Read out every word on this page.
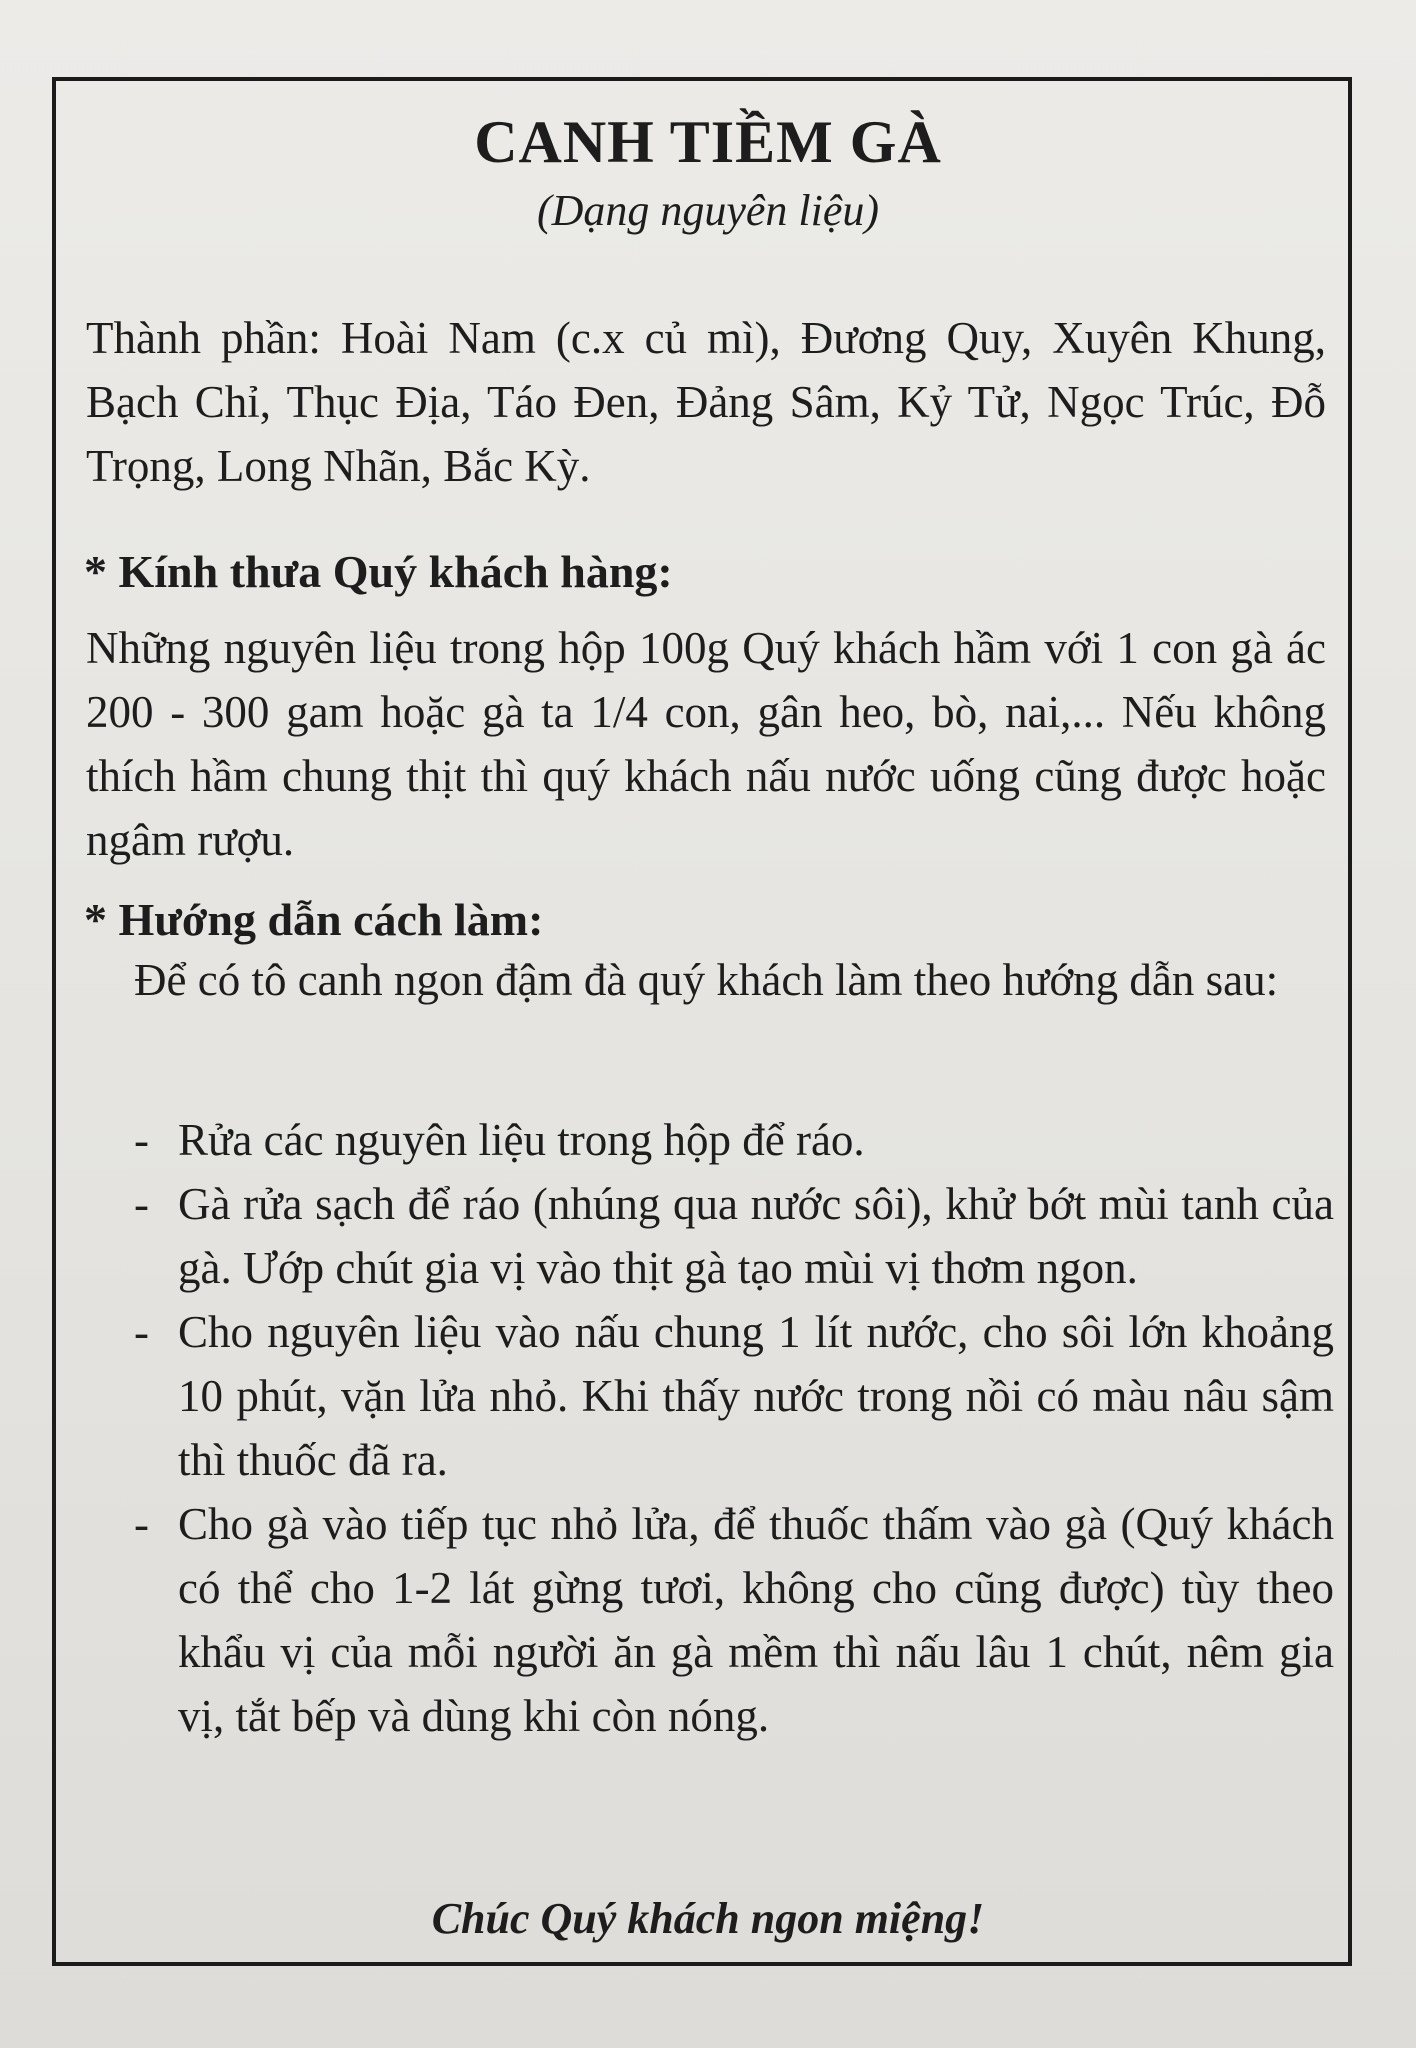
CANH TIỀM GÀ

(Dạng nguyên liệu)

Thành phần: Hoài Nam (c.x củ mì), Đương Quy, Xuyên Khung, Bạch Chỉ, Thục Địa, Táo Đen, Đảng Sâm, Kỷ Tử, Ngọc Trúc, Đỗ Trọng, Long Nhãn, Bắc Kỳ.

* Kính thưa Quý khách hàng:

Những nguyên liệu trong hộp 100g Quý khách hầm với 1 con gà ác 200 - 300 gam hoặc gà ta 1/4 con, gân heo, bò, nai,... Nếu không thích hầm chung thịt thì quý khách nấu nước uống cũng được hoặc ngâm rượu.

* Hướng dẫn cách làm:

Để có tô canh ngon đậm đà quý khách làm theo hướng dẫn sau:

- Rửa các nguyên liệu trong hộp để ráo.
- Gà rửa sạch để ráo (nhúng qua nước sôi), khử bớt mùi tanh của gà. Ướp chút gia vị vào thịt gà tạo mùi vị thơm ngon.
- Cho nguyên liệu vào nấu chung 1 lít nước, cho sôi lớn khoảng 10 phút, vặn lửa nhỏ. Khi thấy nước trong nồi có màu nâu sậm thì thuốc đã ra.
- Cho gà vào tiếp tục nhỏ lửa, để thuốc thấm vào gà (Quý khách có thể cho 1-2 lát gừng tươi, không cho cũng được) tùy theo khẩu vị của mỗi người ăn gà mềm thì nấu lâu 1 chút, nêm gia vị, tắt bếp và dùng khi còn nóng.

Chúc Quý khách ngon miệng!
